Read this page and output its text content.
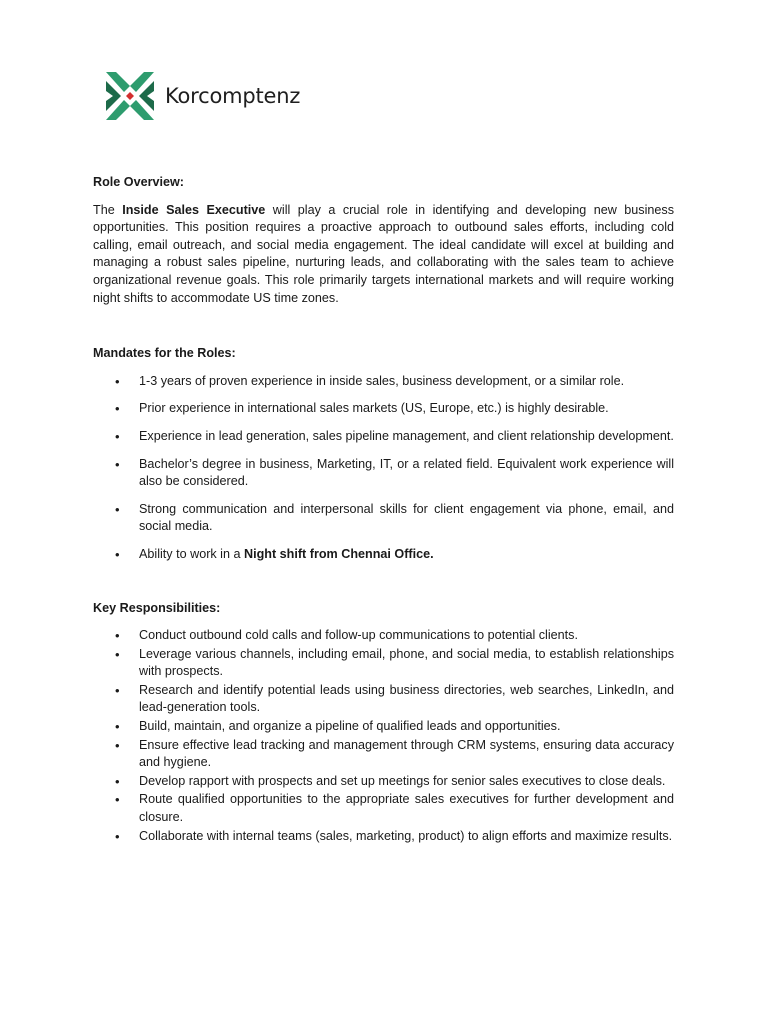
Korcomptenz

Role Overview:

The Inside Sales Executive will play a crucial role in identifying and developing new business opportunities. This position requires a proactive approach to outbound sales efforts, including cold calling, email outreach, and social media engagement. The ideal candidate will excel at building and managing a robust sales pipeline, nurturing leads, and collaborating with the sales team to achieve organizational revenue goals. This role primarily targets international markets and will require working night shifts to accommodate US time zones.

Mandates for the Roles:

• 1-3 years of proven experience in inside sales, business development, or a similar role.
• Prior experience in international sales markets (US, Europe, etc.) is highly desirable.
• Experience in lead generation, sales pipeline management, and client relationship development.
• Bachelor’s degree in business, Marketing, IT, or a related field. Equivalent work experience will also be considered.
• Strong communication and interpersonal skills for client engagement via phone, email, and social media.
• Ability to work in a Night shift from Chennai Office.

Key Responsibilities:

• Conduct outbound cold calls and follow-up communications to potential clients.
• Leverage various channels, including email, phone, and social media, to establish relationships with prospects.
• Research and identify potential leads using business directories, web searches, LinkedIn, and lead-generation tools.
• Build, maintain, and organize a pipeline of qualified leads and opportunities.
• Ensure effective lead tracking and management through CRM systems, ensuring data accuracy and hygiene.
• Develop rapport with prospects and set up meetings for senior sales executives to close deals.
• Route qualified opportunities to the appropriate sales executives for further development and closure.
• Collaborate with internal teams (sales, marketing, product) to align efforts and maximize results.
